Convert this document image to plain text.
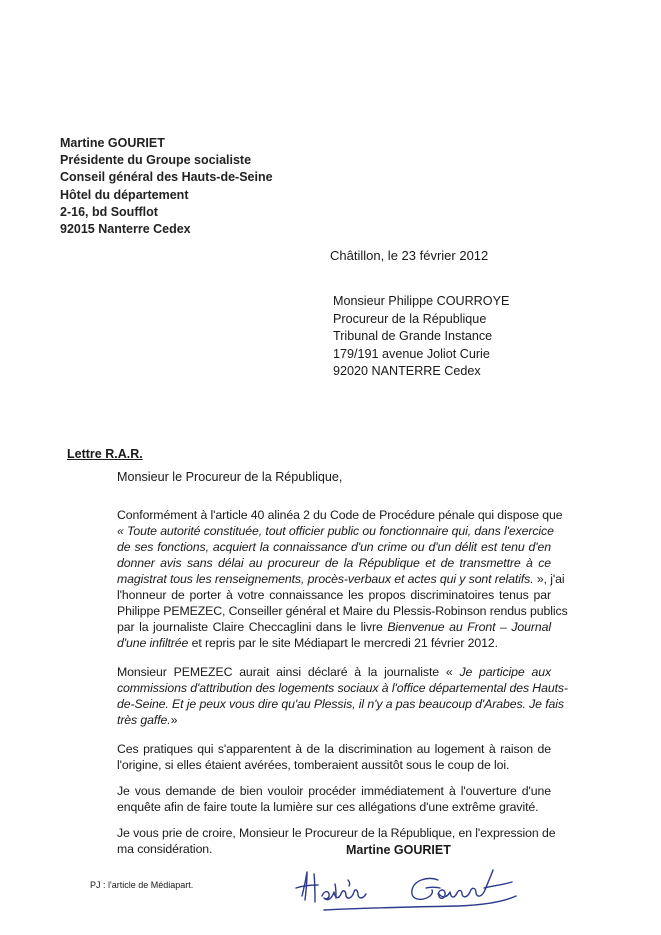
Martine GOURIET
Présidente du Groupe socialiste
Conseil général des Hauts-de-Seine
Hôtel du département
2-16, bd Soufflot
92015 Nanterre Cedex
Châtillon, le 23 février 2012
Monsieur Philippe COURROYE
Procureur de la République
Tribunal de Grande Instance
179/191 avenue Joliot Curie
92020 NANTERRE Cedex
Lettre R.A.R.
Monsieur le Procureur de la République,
Conformément à l'article 40 alinéa 2 du Code de Procédure pénale qui dispose que
« Toute autorité constituée, tout officier public ou fonctionnaire qui, dans l'exercice
de ses fonctions, acquiert la connaissance d'un crime ou d'un délit est tenu d'en
donner avis sans délai au procureur de la République et de transmettre à ce
magistrat tous les renseignements, procès-verbaux et actes qui y sont relatifs. », j'ai
l'honneur de porter à votre connaissance les propos discriminatoires tenus par
Philippe PEMEZEC, Conseiller général et Maire du Plessis-Robinson rendus publics
par la journaliste Claire Checcaglini dans le livre Bienvenue au Front – Journal
d'une infiltrée et repris par le site Médiapart le mercredi 21 février 2012.
Monsieur PEMEZEC aurait ainsi déclaré à la journaliste « Je participe aux
commissions d'attribution des logements sociaux à l'office départemental des Hauts-
de-Seine. Et je peux vous dire qu'au Plessis, il n'y a pas beaucoup d'Arabes. Je fais
très gaffe.»
Ces pratiques qui s'apparentent à de la discrimination au logement à raison de
l'origine, si elles étaient avérées, tomberaient aussitôt sous le coup de loi.
Je vous demande de bien vouloir procéder immédiatement à l'ouverture d'une
enquête afin de faire toute la lumière sur ces allégations d'une extrême gravité.
Je vous prie de croire, Monsieur le Procureur de la République, en l'expression de
ma considération.	Martine GOURIET
PJ : l'article de Médiapart.
